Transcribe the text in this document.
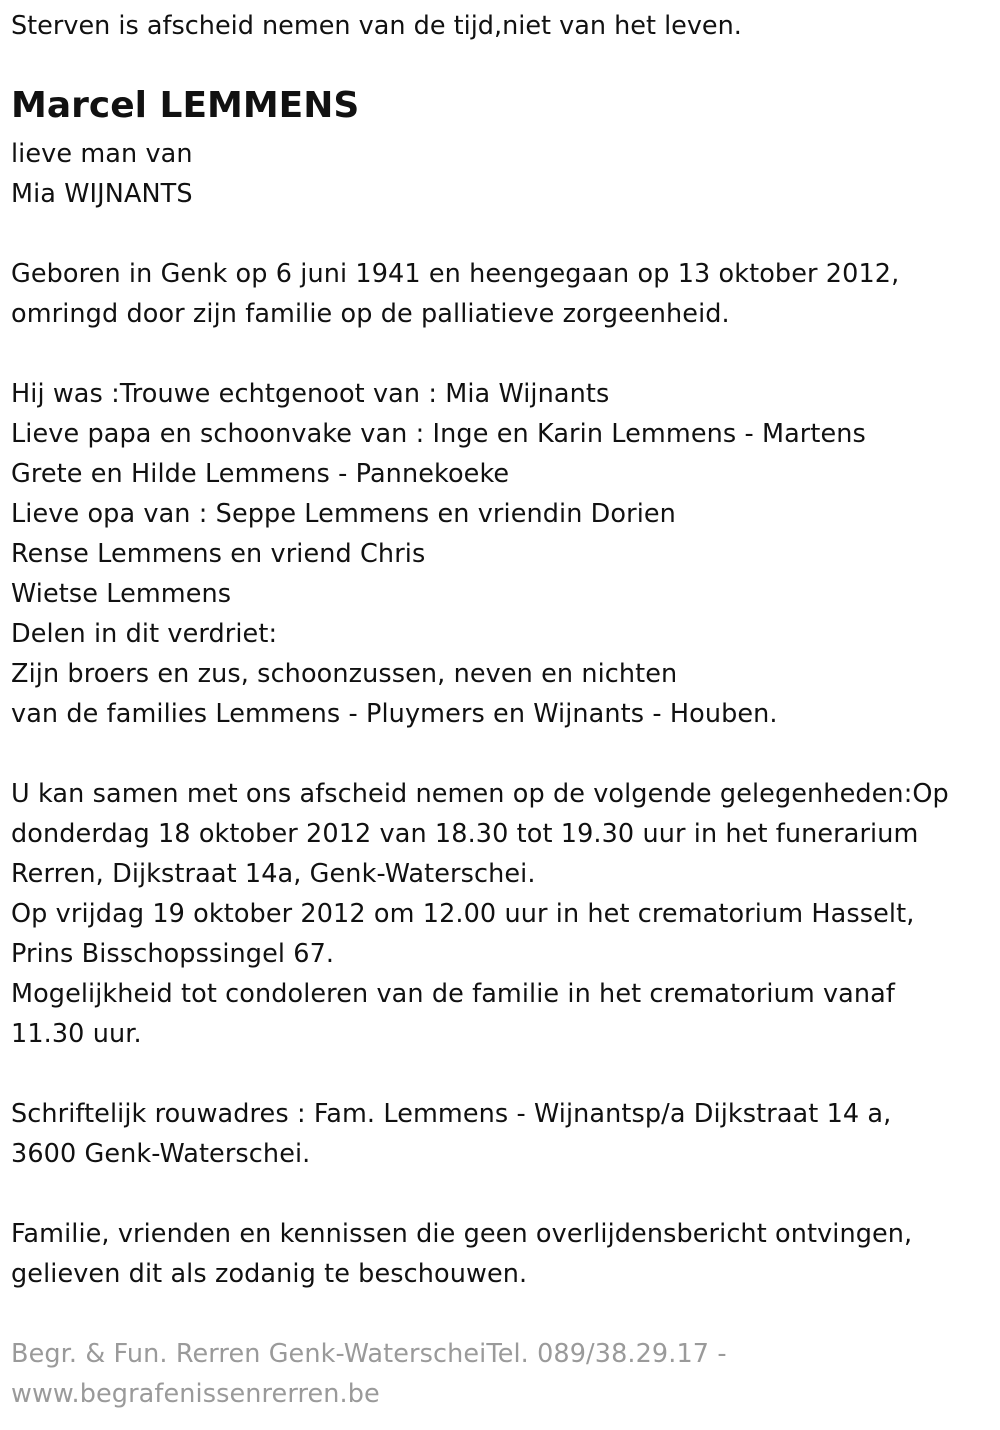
Sterven is afscheid nemen van de tijd,niet van het leven.
Marcel LEMMENS
lieve man van
Mia WIJNANTS
Geboren in Genk op 6 juni 1941 en heengegaan op 13 oktober 2012,
omringd door zijn familie op de palliatieve zorgeenheid.
Hij was :Trouwe echtgenoot van : Mia Wijnants
Lieve papa en schoonvake van : Inge en Karin Lemmens - Martens
Grete en Hilde Lemmens - Pannekoeke
Lieve opa van : Seppe Lemmens en vriendin Dorien
Rense Lemmens en vriend Chris
Wietse Lemmens
Delen in dit verdriet:
Zijn broers en zus, schoonzussen, neven en nichten
van de families Lemmens - Pluymers en Wijnants - Houben.
U kan samen met ons afscheid nemen op de volgende gelegenheden:Op
donderdag 18 oktober 2012 van 18.30 tot 19.30 uur in het funerarium
Rerren, Dijkstraat 14a, Genk-Waterschei.
Op vrijdag 19 oktober 2012 om 12.00 uur in het crematorium Hasselt,
Prins Bisschopssingel 67.
Mogelijkheid tot condoleren van de familie in het crematorium vanaf
11.30 uur.
Schriftelijk rouwadres : Fam. Lemmens - Wijnantsp/a Dijkstraat 14 a,
3600 Genk-Waterschei.
Familie, vrienden en kennissen die geen overlijdensbericht ontvingen,
gelieven dit als zodanig te beschouwen.
Begr. & Fun. Rerren Genk-WaterscheiTel. 089/38.29.17 -
www.begrafenissenrerren.be
